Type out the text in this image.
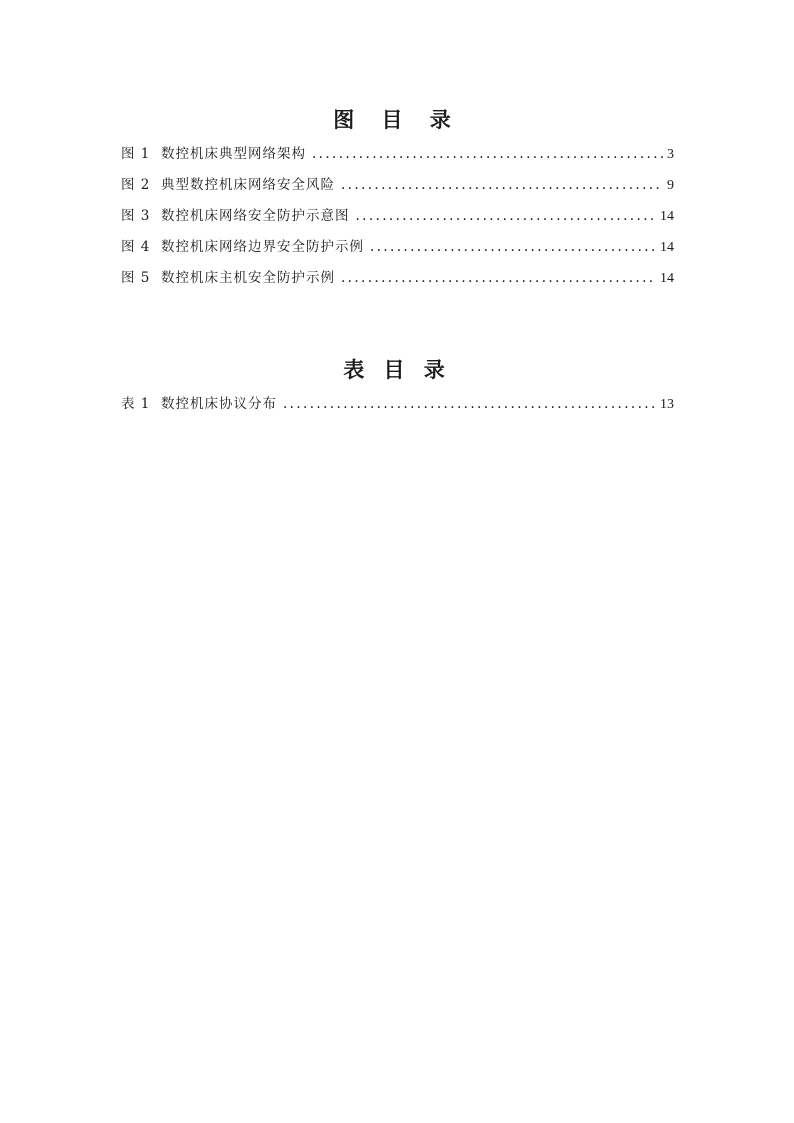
图 目 录
图 1  数控机床典型网络架构 .....	3
图 2  典型数控机床网络安全风险 .....	9
图 3  数控机床网络安全防护示意图 .....	14
图 4  数控机床网络边界安全防护示例 .....	14
图 5  数控机床主机安全防护示例 .....	14
表 目 录
表 1  数控机床协议分布 .....	13
